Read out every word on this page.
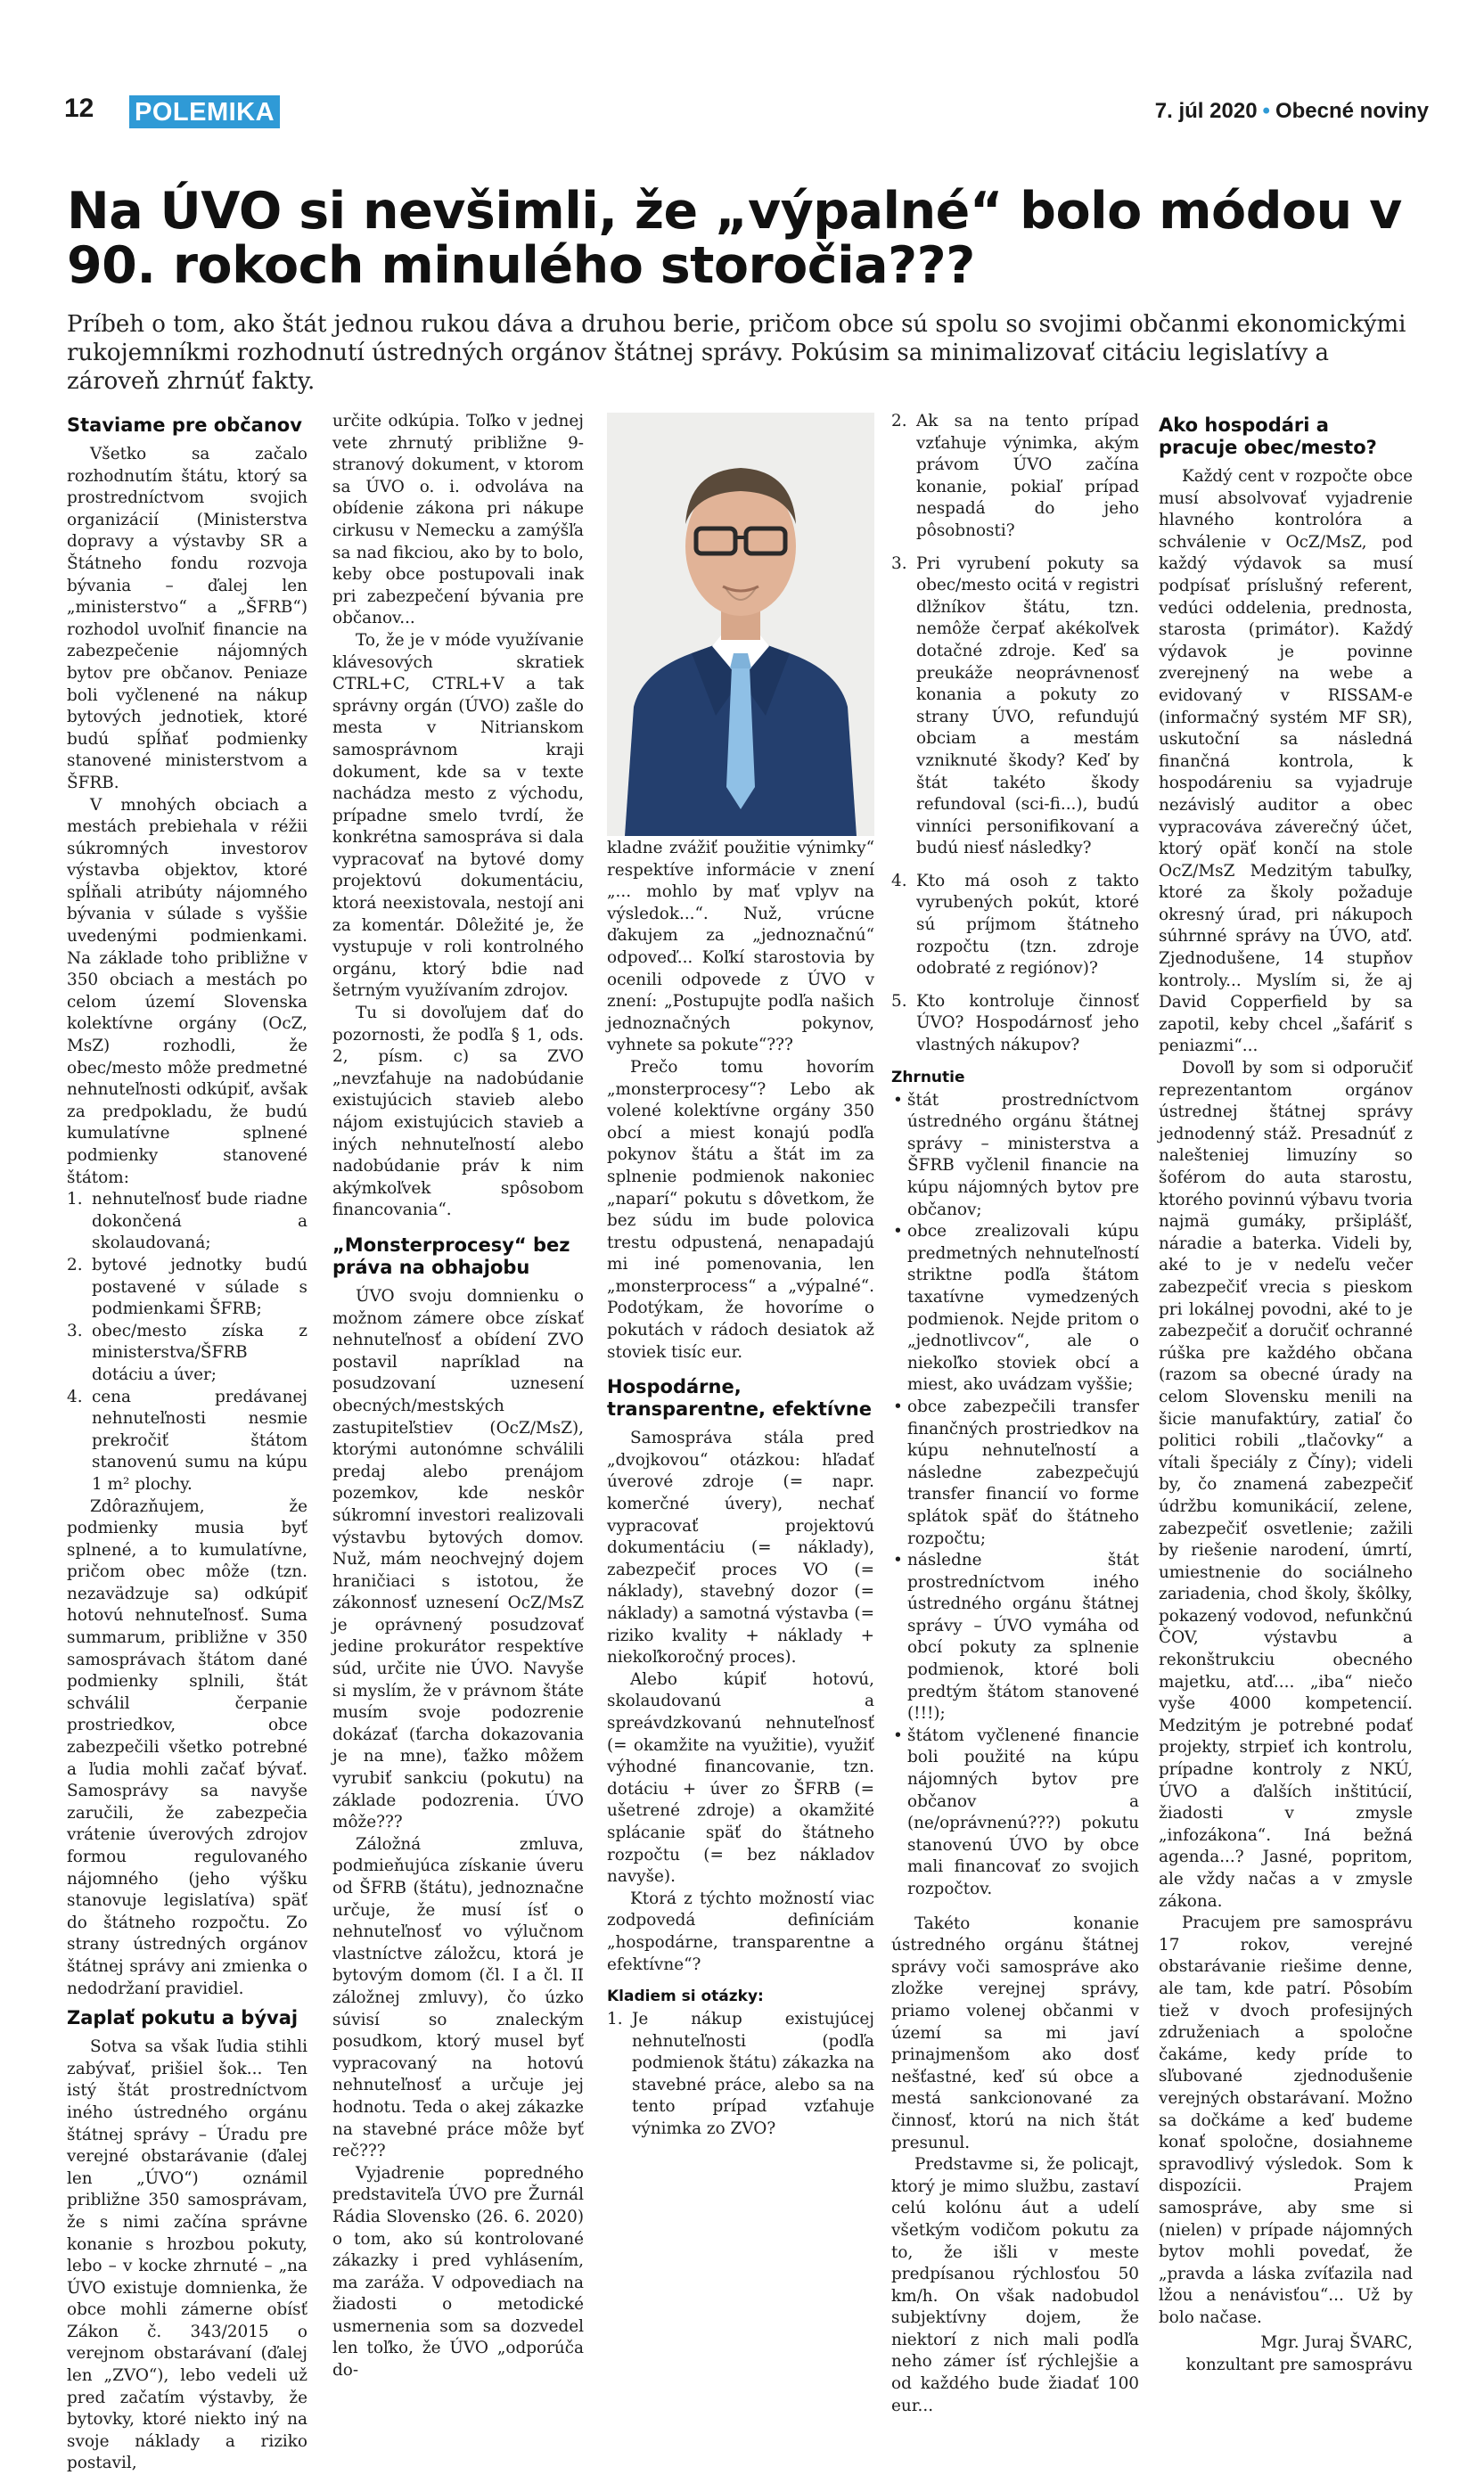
12 POLEMIKA	7. júl 2020 • Obecné noviny
Na ÚVO si nevšimli, že „výpalné“ bolo módou v 90. rokoch minulého storočia???

Príbeh o tom, ako štát jednou rukou dáva a druhou berie, pričom obce sú spolu so svojimi občanmi ekonomickými rukojemníkmi rozhodnutí ústredných orgánov štátnej správy. Pokúsim sa minimalizovať citáciu legislatívy a zároveň zhrnúť fakty.

Staviame pre občanov

Všetko sa začalo rozhodnutím štátu, ktorý sa prostredníctvom svojich organizácií (Ministerstva dopravy a výstavby SR a Štátneho fondu rozvoja bývania – ďalej len „ministerstvo“ a „ŠFRB“) rozhodol uvoľniť financie na zabezpečenie nájomných bytov pre občanov. Peniaze boli vyčlenené na nákup bytových jednotiek, ktoré budú spĺňať podmienky stanovené ministerstvom a ŠFRB.

V mnohých obciach a mestách prebiehala v réžii súkromných investorov výstavba objektov, ktoré spĺňali atribúty nájomného bývania v súlade s vyššie uvedenými podmienkami. Na základe toho približne v 350 obciach a mestách po celom území Slovenska kolektívne orgány (OcZ, MsZ) rozhodli, že obec/mesto môže predmetné nehnuteľnosti odkúpiť, avšak za predpokladu, že budú kumulatívne splnené podmienky stanovené štátom:

1. nehnuteľnosť bude riadne dokončená a skolaudovaná;
2. bytové jednotky budú postavené v súlade s podmienkami ŠFRB;
3. obec/mesto získa z ministerstva/ŠFRB dotáciu a úver;
4. cena predávanej nehnuteľnosti nesmie prekročiť štátom stanovenú sumu na kúpu 1 m² plochy.

Zdôrazňujem, že podmienky musia byť splnené, a to kumulatívne, pričom obec môže (tzn. nezavädzuje sa) odkúpiť hotovú nehnuteľnosť. Suma summarum, približne v 350 samosprávach štátom dané podmienky splnili, štát schválil čerpanie prostriedkov, obce zabezpečili všetko potrebné a ľudia mohli začať bývať. Samosprávy sa navyše zaručili, že zabezpečia vrátenie úverových zdrojov formou regulovaného nájomného (jeho výšku stanovuje legislatíva) späť do štátneho rozpočtu. Zo strany ústredných orgánov štátnej správy ani zmienka o nedodržaní pravidiel.

Zaplať pokutu a bývaj

Sotva sa však ľudia stihli zabývať, prišiel šok... Ten istý štát prostredníctvom iného ústredného orgánu štátnej správy – Úradu pre verejné obstarávanie (ďalej len „ÚVO“) oznámil približne 350 samosprávam, že s nimi začína správne konanie s hrozbou pokuty, lebo – v kocke zhrnuté – „na ÚVO existuje domnienka, že obce mohli zámerne obísť Zákon č. 343/2015 o verejnom obstarávaní (ďalej len „ZVO“), lebo vedeli už pred začatím výstavby, že bytovky, ktoré niekto iný na svoje náklady a riziko postavil,

určite odkúpia. Toľko v jednej vete zhrnutý približne 9-stranový dokument, v ktorom sa ÚVO o. i. odvoláva na obídenie zákona pri nákupe cirkusu v Nemecku a zamýšľa sa nad fikciou, ako by to bolo, keby obce postupovali inak pri zabezpečení bývania pre občanov...

To, že je v móde využívanie klávesových skratiek CTRL+C, CTRL+V a tak správny orgán (ÚVO) zašle do mesta v Nitrianskom samosprávnom kraji dokument, kde sa v texte nachádza mesto z východu, prípadne smelo tvrdí, že konkrétna samospráva si dala vypracovať na bytové domy projektovú dokumentáciu, ktorá neexistovala, nestojí ani za komentár. Dôležité je, že vystupuje v roli kontrolného orgánu, ktorý bdie nad šetrným využívaním zdrojov.

Tu si dovoľujem dať do pozornosti, že podľa § 1, ods. 2, písm. c) sa ZVO „nevzťahuje na nadobúdanie existujúcich stavieb alebo nájom existujúcich stavieb a iných nehnuteľností alebo nadobúdanie práv k nim akýmkoľvek spôsobom financovania“.

„Monsterprocesy“ bez práva na obhajobu

ÚVO svoju domnienku o možnom zámere obce získať nehnuteľnosť a obídení ZVO postavil napríklad na posudzovaní uznesení obecných/mestských zastupiteľstiev (OcZ/MsZ), ktorými autonómne schválili predaj alebo prenájom pozemkov, kde neskôr súkromní investori realizovali výstavbu bytových domov. Nuž, mám neochvejný dojem hraničiaci s istotou, že zákonnosť uznesení OcZ/MsZ je oprávnený posudzovať jedine prokurátor respektíve súd, určite nie ÚVO. Navyše si myslím, že v právnom štáte musím svoje podozrenie dokázať (ťarcha dokazovania je na mne), ťažko môžem vyrubiť sankciu (pokutu) na základe podozrenia. ÚVO môže???

Záložná zmluva, podmieňujúca získanie úveru od ŠFRB (štátu), jednoznačne určuje, že musí ísť o nehnuteľnosť vo výlučnom vlastníctve záložcu, ktorá je bytovým domom (čl. I a čl. II záložnej zmluvy), čo úzko súvisí so znaleckým posudkom, ktorý musel byť vypracovaný na hotovú nehnuteľnosť a určuje jej hodnotu. Teda o akej zákazke na stavebné práce môže byť reč???

Vyjadrenie popredného predstaviteľa ÚVO pre Žurnál Rádia Slovensko (26. 6. 2020) o tom, ako sú kontrolované zákazky i pred vyhlásením, ma zaráža. V odpovediach na žiadosti o metodické usmernenia som sa dozvedel len toľko, že ÚVO „odporúča do-

kladne zvážiť použitie výnimky“ respektíve informácie v znení „... mohlo by mať vplyv na výsledok...“. Nuž, vrúcne ďakujem za „jednoznačnú“ odpoveď... Koľkí starostovia by ocenili odpovede z ÚVO v znení: „Postupujte podľa našich jednoznačných pokynov, vyhnete sa pokute“???

Prečo tomu hovorím „monsterprocesy“? Lebo ak volené kolektívne orgány 350 obcí a miest konajú podľa pokynov štátu a štát im za splnenie podmienok nakoniec „naparí“ pokutu s dôvetkom, že bez súdu im bude polovica trestu odpustená, nenapadajú mi iné pomenovania, len „monsterprocess“ a „výpalné“. Podotýkam, že hovoríme o pokutách v rádoch desiatok až stoviek tisíc eur.

Hospodárne, transparentne, efektívne

Samospráva stála pred „dvojkovou“ otázkou: hľadať úverové zdroje (= napr. komerčné úvery), nechať vypracovať projektovú dokumentáciu (= náklady), zabezpečiť proces VO (= náklady), stavebný dozor (= náklady) a samotná výstavba (= riziko kvality + náklady + niekoľkoročný proces).

Alebo kúpiť hotovú, skolaudovanú a spreávdzkovanú nehnuteľnosť (= okamžite na využitie), využiť výhodné financovanie, tzn. dotáciu + úver zo ŠFRB (= ušetrené zdroje) a okamžité splácanie späť do štátneho rozpočtu (= bez nákladov navyše).

Ktorá z týchto možností viac zodpovedá definíciám „hospodárne, transparentne a efektívne“?

Kladiem si otázky:
1. Je nákup existujúcej nehnuteľnosti (podľa podmienok štátu) zákazka na stavebné práce, alebo sa na tento prípad vzťahuje výnimka zo ZVO?
2. Ak sa na tento prípad vzťahuje výnimka, akým právom ÚVO začína konanie, pokiaľ prípad nespadá do jeho pôsobnosti?
3. Pri vyrubení pokuty sa obec/mesto ocitá v registri dlžníkov štátu, tzn. nemôže čerpať akékoľvek dotačné zdroje. Keď sa preukáže neoprávnenosť konania a pokuty zo strany ÚVO, refundujú obciam a mestám vzniknuté škody? Keď by štát takéto škody refundoval (sci-fi...), budú vinníci personifikovaní a budú niesť následky?
4. Kto má osoh z takto vyrubených pokút, ktoré sú príjmom štátneho rozpočtu (tzn. zdroje odobraté z regiónov)?
5. Kto kontroluje činnosť ÚVO? Hospodárnosť jeho vlastných nákupov?
Zhrnutie
• štát prostredníctvom ústredného orgánu štátnej správy – ministerstva a ŠFRB vyčlenil financie na kúpu nájomných bytov pre občanov;
• obce zrealizovali kúpu predmetných nehnuteľností striktne podľa štátom taxatívne vymedzených podmienok. Nejde pritom o „jednotlivcov“, ale o niekoľko stoviek obcí a miest, ako uvádzam vyššie;
• obce zabezpečili transfer finančných prostriedkov na kúpu nehnuteľností a následne zabezpečujú transfer financií vo forme splátok späť do štátneho rozpočtu;
• následne štát prostredníctvom iného ústredného orgánu štátnej správy – ÚVO vymáha od obcí pokuty za splnenie podmienok, ktoré boli predtým štátom stanovené (!!!);
• štátom vyčlenené financie boli použité na kúpu nájomných bytov pre občanov a (ne/oprávnenú???) pokutu stanovenú ÚVO by obce mali financovať zo svojich rozpočtov.

Takéto konanie ústredného orgánu štátnej správy voči samospráve ako zložke verejnej správy, priamo volenej občanmi v území sa mi javí prinajmenšom ako dosť nešťastné, keď sú obce a mestá sankcionované za činnosť, ktorú na nich štát presunul.

Predstavme si, že policajt, ktorý je mimo službu, zastaví celú kolónu áut a udelí všetkým vodičom pokutu za to, že išli v meste predpísanou rýchlosťou 50 km/h. On však nadobudol subjektívny dojem, že niektorí z nich mali podľa neho zámer ísť rýchlejšie a od každého bude žiadať 100 eur...

Ako hospodári a pracuje obec/mesto?

Každý cent v rozpočte obce musí absolvovať vyjadrenie hlavného kontrolóra a schválenie v OcZ/MsZ, pod každý výdavok sa musí podpísať príslušný referent, vedúci oddelenia, prednosta, starosta (primátor). Každý výdavok je povinne zverejnený na webe a evidovaný v RISSAM-e (informačný systém MF SR), uskutoční sa následná finančná kontrola, k hospodáreniu sa vyjadruje nezávislý auditor a obec vypracováva záverečný účet, ktorý opäť končí na stole OcZ/MsZ Medzitým tabuľky, ktoré za školy požaduje okresný úrad, pri nákupoch súhrnné správy na ÚVO, atď. Zjednodušene, 14 stupňov kontroly... Myslím si, že aj David Copperfield by sa zapotil, keby chcel „šafáriť s peniazmi“...

Dovoľl by som si odporučiť reprezentantom orgánov ústrednej štátnej správy jednodenný stáž. Presadnúť z nalešteniej limuzíny so šoférom do auta starostu, ktorého povinnú výbavu tvoria najmä gumáky, pršiplášť, náradie a baterka. Videli by, aké to je v nedeľu večer zabezpečiť vrecia s pieskom pri lokálnej povodni, aké to je zabezpečiť a doručiť ochranné rúška pre každého občana (razom sa obecné úrady na celom Slovensku menili na šicie manufaktúry, zatiaľ čo politici robili „tlačovky“ a vítali špeciály z Číny); videli by, čo znamená zabezpečiť údržbu komunikácií, zelene, zabezpečiť osvetlenie; zažili by riešenie narodení, úmrtí, umiestnenie do sociálneho zariadenia, chod školy, škôlky, pokazený vodovod, nefunkčnú ČOV, výstavbu a rekonštrukciu obecného majetku, atď.... „iba“ niečo vyše 4000 kompetencií. Medzitým je potrebné podať projekty, strpieť ich kontrolu, prípadne kontroly z NKÚ, ÚVO a ďalších inštitúcií, žiadosti v zmysle „infozákona“. Iná bežná agenda...? Jasné, popritom, ale vždy načas a v zmysle zákona.

Pracujem pre samosprávu 17 rokov, verejné obstarávanie riešime denne, ale tam, kde patrí. Pôsobím tiež v dvoch profesijných združeniach a spoločne čakáme, kedy príde to sľubované zjednodušenie verejných obstarávaní. Možno sa dočkáme a keď budeme konať spoločne, dosiahneme spravodlivý výsledok. Som k dispozícii. Prajem samospráve, aby sme si (nielen) v prípade nájomných bytov mohli povedať, že „pravda a láska zvíťazila nad lžou a nenávisťou“... Už by bolo načase.

Mgr. Juraj ŠVARC,

konzultant pre samosprávu
